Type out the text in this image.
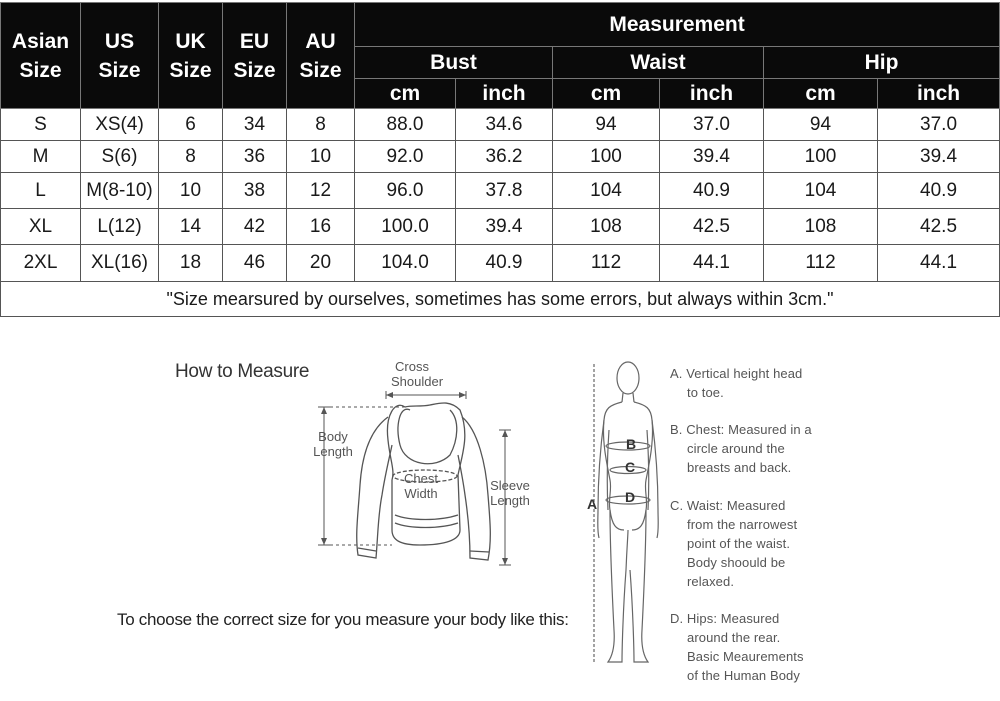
Asian Size	US Size	UK Size	EU Size	AU Size	Measurement					
					Bust		Waist		Hip	
					cm	inch	cm	inch	cm	inch
S	XS(4)	6	34	8	88.0	34.6	94	37.0	94	37.0
M	S(6)	8	36	10	92.0	36.2	100	39.4	100	39.4
L	M(8-10)	10	38	12	96.0	37.8	104	40.9	104	40.9
XL	L(12)	14	42	16	100.0	39.4	108	42.5	108	42.5
2XL	XL(16)	18	46	20	104.0	40.9	112	44.1	112	44.1
"Size mearsured by ourselves, sometimes has some errors, but always within 3cm."										
How to Measure	Cross Shoulder
Body Length
Chest Width
Sleeve Length
To choose the correct size for you measure your body like this:
A
B
C
D
A. Vertical height head

to toe.
B. Chest: Measured in a

circle around the
breasts and back.
C. Waist: Measured

from the narrowest
point of the waist.
Body shoould be
relaxed.
D. Hips: Measured

around the rear.
Basic Meaurements
of the Human Body
